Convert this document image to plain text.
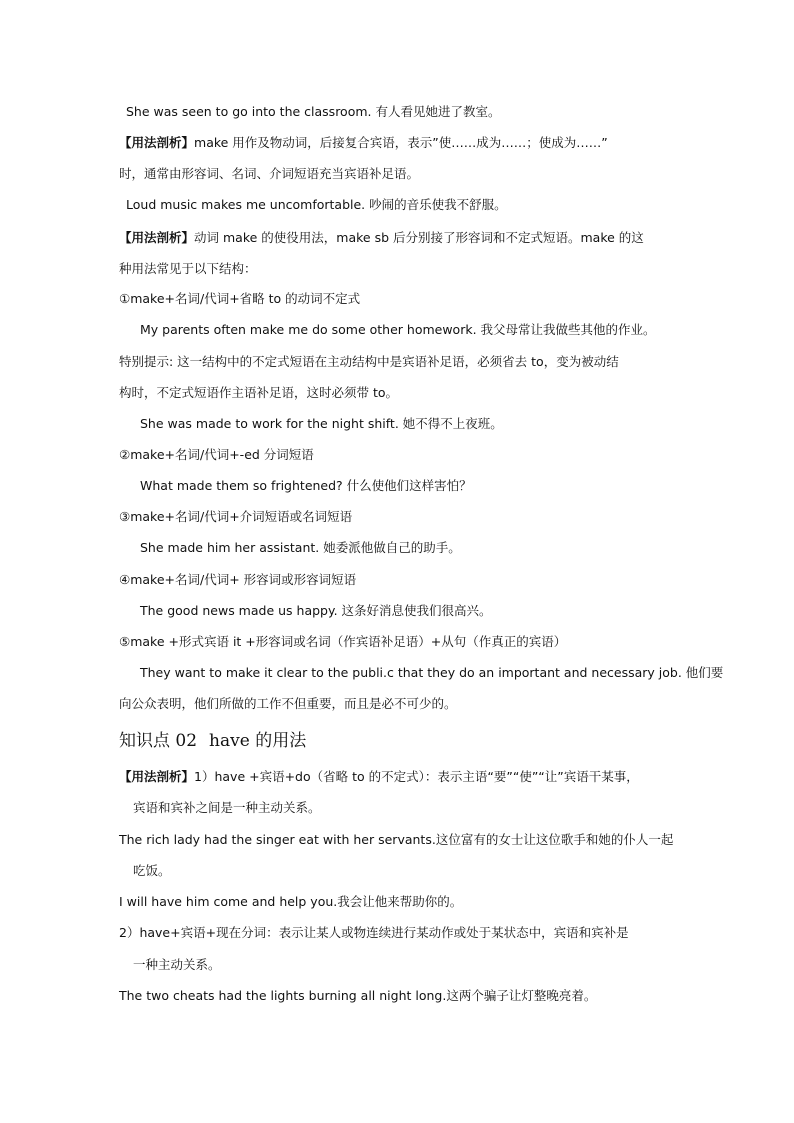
She was seen to go into the classroom. 有人看见她进了教室。
【用法剖析】make 用作及物动词，后接复合宾语，表示”使……成为……；使成为……”
时，通常由形容词、名词、介词短语充当宾语补足语。
Loud music makes me uncomfortable. 吵闹的音乐使我不舒服。
【用法剖析】动词 make 的使役用法，make sb 后分别接了形容词和不定式短语。make 的这
种用法常见于以下结构：
①make+名词/代词+省略 to 的动词不定式
My parents often make me do some other homework. 我父母常让我做些其他的作业。
特别提示: 这一结构中的不定式短语在主动结构中是宾语补足语，必须省去 to，变为被动结
构时，不定式短语作主语补足语，这时必须带 to。
She was made to work for the night shift. 她不得不上夜班。
②make+名词/代词+-ed 分词短语
What made them so frightened? 什么使他们这样害怕？
③make+名词/代词+介词短语或名词短语
She made him her assistant. 她委派他做自己的助手。
④make+名词/代词+ 形容词或形容词短语
The good news made us happy. 这条好消息使我们很高兴。
⑤make +形式宾语 it +形容词或名词（作宾语补足语）+从句（作真正的宾语）
They want to make it clear to the publi.c that they do an important and necessary job. 他们要
向公众表明，他们所做的工作不但重要，而且是必不可少的。
知识点 02 have 的用法
【用法剖析】1）have +宾语+do（省略 to 的不定式）：表示主语“要”“使”“让”宾语干某事，
宾语和宾补之间是一种主动关系。
The rich lady had the singer eat with her servants.这位富有的女士让这位歌手和她的仆人一起
吃饭。
I will have him come and help you.我会让他来帮助你的。
2）have+宾语+现在分词：表示让某人或物连续进行某动作或处于某状态中，宾语和宾补是
一种主动关系。
The two cheats had the lights burning all night long.这两个骗子让灯整晚亮着。
